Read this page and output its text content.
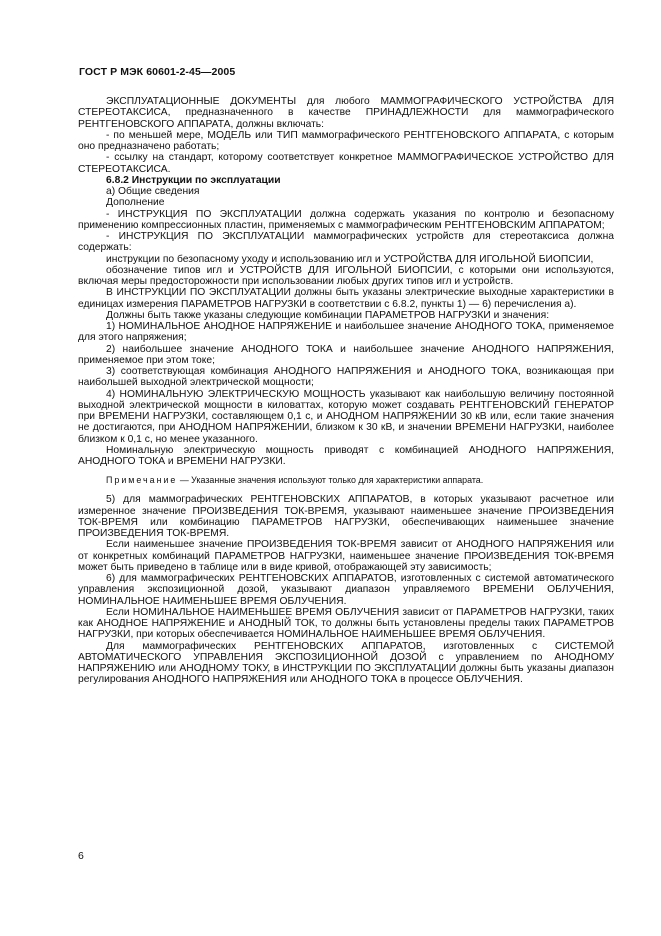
ГОСТ Р МЭК 60601-2-45—2005

ЭКСПЛУАТАЦИОННЫЕ ДОКУМЕНТЫ для любого МАММОГРАФИЧЕСКОГО УСТРОЙСТВА ДЛЯ СТЕРЕОТАКСИСА, предназначенного в качестве ПРИНАДЛЕЖНОСТИ для маммографического РЕНТГЕНОВСКОГО АППАРАТА, должны включать:

- по меньшей мере, МОДЕЛЬ или ТИП маммографического РЕНТГЕНОВСКОГО АППАРАТА, с которым оно предназначено работать;

- ссылку на стандарт, которому соответствует конкретное МАММОГРАФИЧЕСКОЕ УСТРОЙСТВО ДЛЯ СТЕРЕОТАКСИСА.

6.8.2 Инструкции по эксплуатации

а) Общие сведения

Дополнение

- ИНСТРУКЦИЯ ПО ЭКСПЛУАТАЦИИ должна содержать указания по контролю и безопасному применению компрессионных пластин, применяемых с маммографическим РЕНТГЕНОВСКИМ АППАРАТОМ;

- ИНСТРУКЦИЯ ПО ЭКСПЛУАТАЦИИ маммографических устройств для стереотаксиса должна содержать:

инструкции по безопасному уходу и использованию игл и УСТРОЙСТВА ДЛЯ ИГОЛЬНОЙ БИОПСИИ,

обозначение типов игл и УСТРОЙСТВ ДЛЯ ИГОЛЬНОЙ БИОПСИИ, с которыми они используются, включая меры предосторожности при использовании любых других типов игл и устройств.

В ИНСТРУКЦИИ ПО ЭКСПЛУАТАЦИИ должны быть указаны электрические выходные характеристики в единицах измерения ПАРАМЕТРОВ НАГРУЗКИ в соответствии с 6.8.2, пункты 1) — 6) перечисления а).

Должны быть также указаны следующие комбинации ПАРАМЕТРОВ НАГРУЗКИ и значения:

1) НОМИНАЛЬНОЕ АНОДНОЕ НАПРЯЖЕНИЕ и наибольшее значение АНОДНОГО ТОКА, применяемое для этого напряжения;

2) наибольшее значение АНОДНОГО ТОКА и наибольшее значение АНОДНОГО НАПРЯЖЕНИЯ, применяемое при этом токе;

3) соответствующая комбинация АНОДНОГО НАПРЯЖЕНИЯ и АНОДНОГО ТОКА, возникающая при наибольшей выходной электрической мощности;

4) НОМИНАЛЬНУЮ ЭЛЕКТРИЧЕСКУЮ МОЩНОСТЬ указывают как наибольшую величину постоянной выходной электрической мощности в киловаттах, которую может создавать РЕНТГЕНОВСКИЙ ГЕНЕРАТОР при ВРЕМЕНИ НАГРУЗКИ, составляющем 0,1 с, и АНОДНОМ НАПРЯЖЕНИИ 30 кВ или, если такие значения не достигаются, при АНОДНОМ НАПРЯЖЕНИИ, близком к 30 кВ, и значении ВРЕМЕНИ НАГРУЗКИ, наиболее близком к 0,1 с, но менее указанного.

Номинальную электрическую мощность приводят с комбинацией АНОДНОГО НАПРЯЖЕНИЯ, АНОДНОГО ТОКА и ВРЕМЕНИ НАГРУЗКИ.

Примечание — Указанные значения используют только для характеристики аппарата.

5) для маммографических РЕНТГЕНОВСКИХ АППАРАТОВ, в которых указывают расчетное или измеренное значение ПРОИЗВЕДЕНИЯ ТОК-ВРЕМЯ, указывают наименьшее значение ПРОИЗВЕДЕНИЯ ТОК-ВРЕМЯ или комбинацию ПАРАМЕТРОВ НАГРУЗКИ, обеспечивающих наименьшее значение ПРОИЗВЕДЕНИЯ ТОК-ВРЕМЯ.

Если наименьшее значение ПРОИЗВЕДЕНИЯ ТОК-ВРЕМЯ зависит от АНОДНОГО НАПРЯЖЕНИЯ или от конкретных комбинаций ПАРАМЕТРОВ НАГРУЗКИ, наименьшее значение ПРОИЗВЕДЕНИЯ ТОК-ВРЕМЯ может быть приведено в таблице или в виде кривой, отображающей эту зависимость;

6) для маммографических РЕНТГЕНОВСКИХ АППАРАТОВ, изготовленных с системой автоматического управления экспозиционной дозой, указывают диапазон управляемого ВРЕМЕНИ ОБЛУЧЕНИЯ, НОМИНАЛЬНОЕ НАИМЕНЬШЕЕ ВРЕМЯ ОБЛУЧЕНИЯ.

Если НОМИНАЛЬНОЕ НАИМЕНЬШЕЕ ВРЕМЯ ОБЛУЧЕНИЯ зависит от ПАРАМЕТРОВ НАГРУЗКИ, таких как АНОДНОЕ НАПРЯЖЕНИЕ и АНОДНЫЙ ТОК, то должны быть установлены пределы таких ПАРАМЕТРОВ НАГРУЗКИ, при которых обеспечивается НОМИНАЛЬНОЕ НАИМЕНЬШЕЕ ВРЕМЯ ОБЛУЧЕНИЯ.

Для маммографических РЕНТГЕНОВСКИХ АППАРАТОВ, изготовленных с СИСТЕМОЙ АВТОМАТИЧЕСКОГО УПРАВЛЕНИЯ ЭКСПОЗИЦИОННОЙ ДОЗОЙ с управлением по АНОДНОМУ НАПРЯЖЕНИЮ или АНОДНОМУ ТОКУ, в ИНСТРУКЦИИ ПО ЭКСПЛУАТАЦИИ должны быть указаны диапазон регулирования АНОДНОГО НАПРЯЖЕНИЯ или АНОДНОГО ТОКА в процессе ОБЛУЧЕНИЯ.

6
